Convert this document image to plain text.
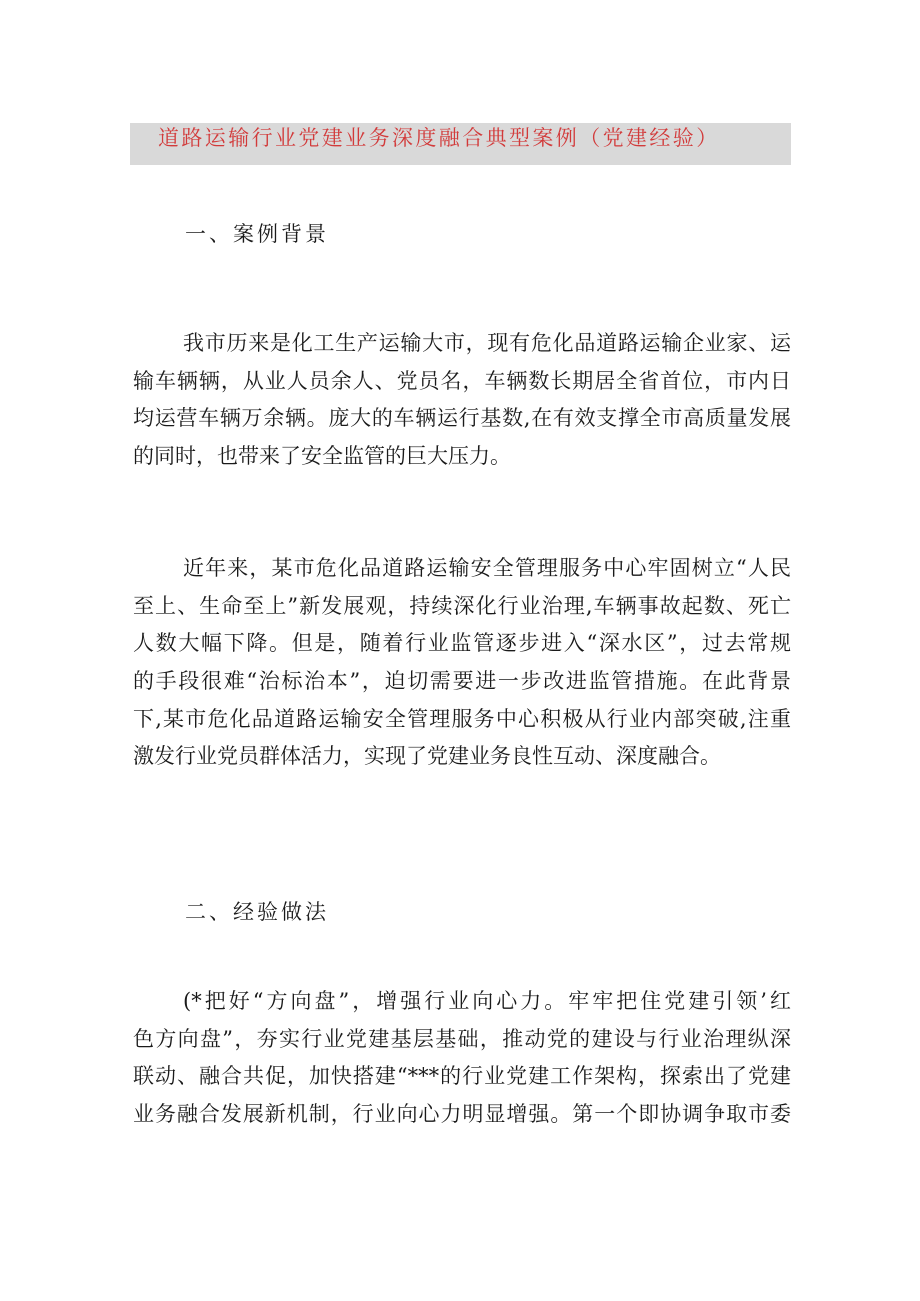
道路运输行业党建业务深度融合典型案例（党建经验）
一、案例背景
我市历来是化工生产运输大市，现有危化品道路运输企业家、运
输车辆辆，从业人员余人、党员名，车辆数长期居全省首位，市内日
均运营车辆万余辆。庞大的车辆运行基数,在有效支撑全市高质量发展
的同时，也带来了安全监管的巨大压力。
近年来，某市危化品道路运输安全管理服务中心牢固树立“人民
至上、生命至上”新发展观，持续深化行业治理,车辆事故起数、死亡
人数大幅下降。但是，随着行业监管逐步进入“深水区”，过去常规
的手段很难“治标治本”，迫切需要进一步改进监管措施。在此背景
下,某市危化品道路运输安全管理服务中心积极从行业内部突破,注重
激发行业党员群体活力，实现了党建业务良性互动、深度融合。
二、经验做法
(*把好“方向盘”，增强行业向心力。牢牢把住党建引领’红
色方向盘”，夯实行业党建基层基础，推动党的建设与行业治理纵深
联动、融合共促，加快搭建“***的行业党建工作架构，探索出了党建
业务融合发展新机制，行业向心力明显增强。第一个即协调争取市委
